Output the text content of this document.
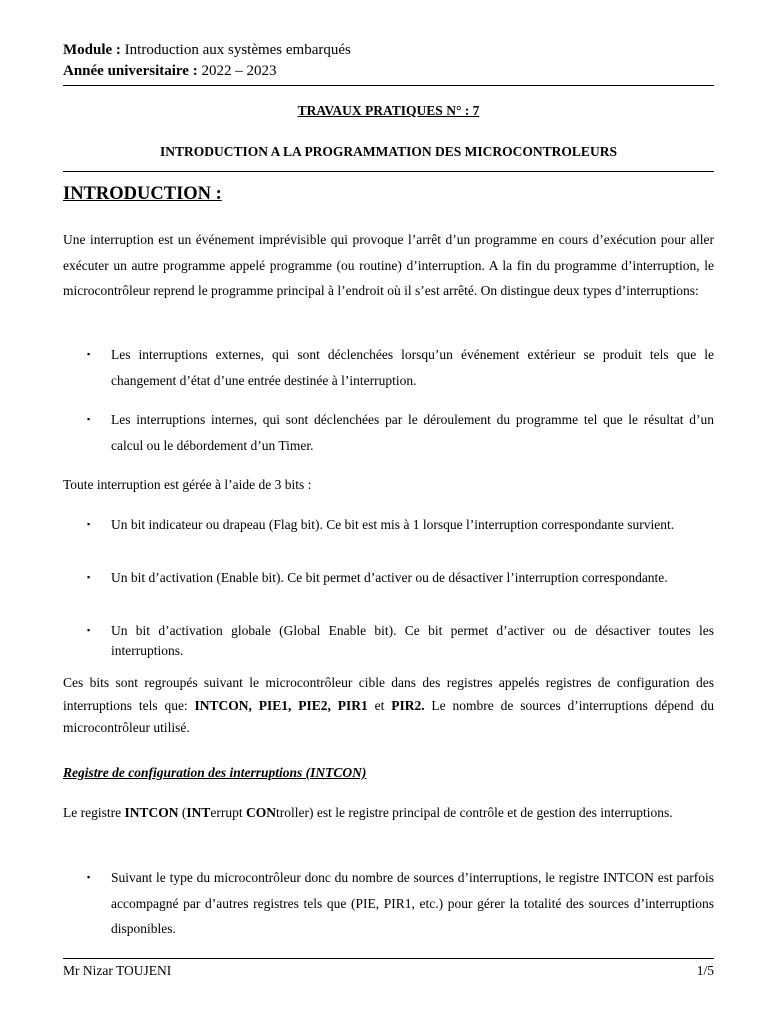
Module : Introduction aux systèmes embarqués
Année universitaire : 2022 – 2023
TRAVAUX PRATIQUES N° : 7
INTRODUCTION A LA PROGRAMMATION DES MICROCONTROLEURS
INTRODUCTION :
Une interruption est un événement imprévisible qui provoque l’arrêt d’un programme en cours d’exécution pour aller exécuter un autre programme appelé programme (ou routine) d’interruption. A la fin du programme d’interruption, le microcontrôleur reprend le programme principal à l’endroit où il s’est arrêté. On distingue deux types d’interruptions:
▪ Les interruptions externes, qui sont déclenchées lorsqu’un événement extérieur se produit tels que le changement d’état d’une entrée destinée à l’interruption.
▪ Les interruptions internes, qui sont déclenchées par le déroulement du programme tel que le résultat d’un calcul ou le débordement d’un Timer.
Toute interruption est gérée à l’aide de 3 bits :
▪ Un bit indicateur ou drapeau (Flag bit). Ce bit est mis à 1 lorsque l’interruption correspondante survient.
▪ Un bit d’activation (Enable bit). Ce bit permet d’activer ou de désactiver l’interruption correspondante.
▪ Un bit d’activation globale (Global Enable bit). Ce bit permet d’activer ou de désactiver toutes les interruptions.
Ces bits sont regroupés suivant le microcontrôleur cible dans des registres appelés registres de configuration des interruptions tels que: INTCON, PIE1, PIE2, PIR1 et PIR2. Le nombre de sources d’interruptions dépend du microcontrôleur utilisé.
Registre de configuration des interruptions (INTCON)
Le registre INTCON (INTerrupt CONtroller) est le registre principal de contrôle et de gestion des interruptions.
▪ Suivant le type du microcontrôleur donc du nombre de sources d’interruptions, le registre INTCON est parfois accompagné par d’autres registres tels que (PIE, PIR1, etc.) pour gérer la totalité des sources d’interruptions disponibles.
Mr Nizar TOUJENI	1/5
